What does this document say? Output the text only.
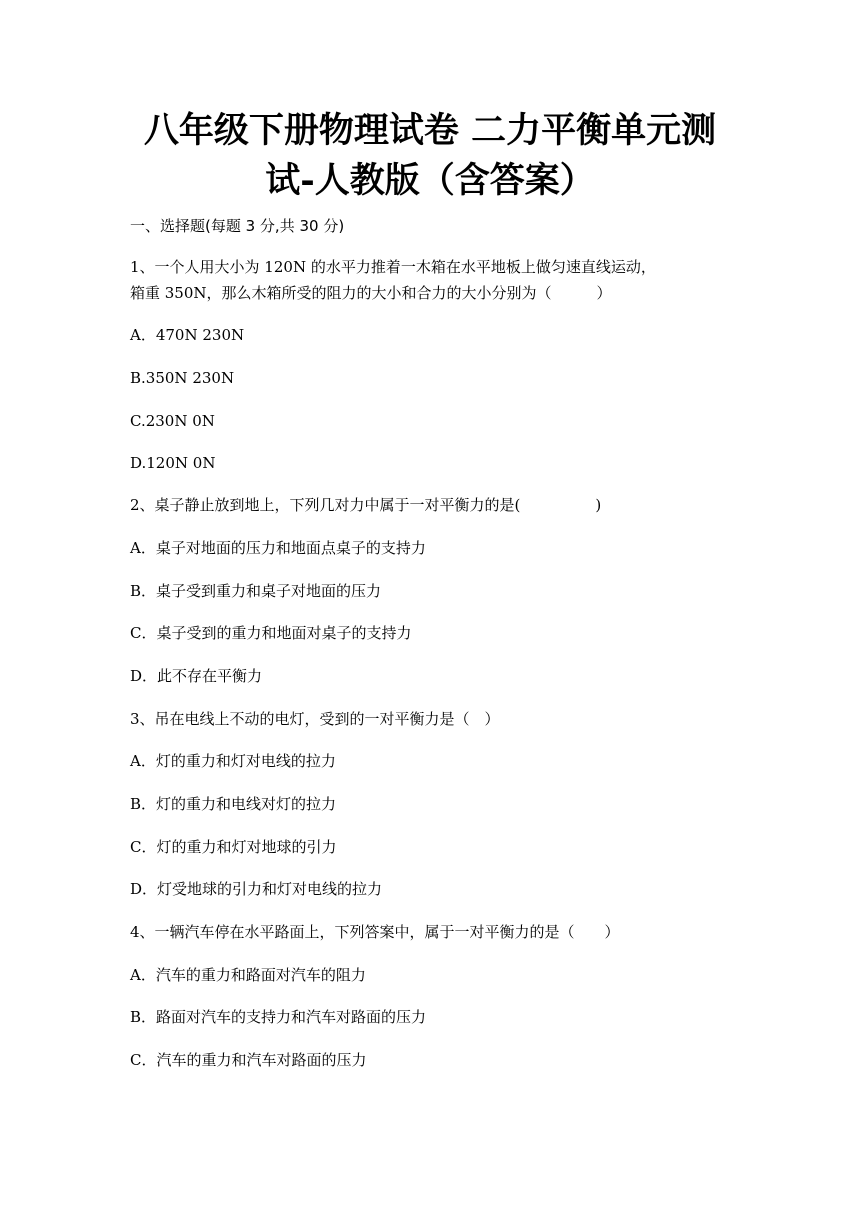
八年级下册物理试卷 二力平衡单元测
试-人教版（含答案）
一、选择题(每题 3 分,共 30 分)
1、一个人用大小为 120N 的水平力推着一木箱在水平地板上做匀速直线运动，
箱重 350N，那么木箱所受的阻力的大小和合力的大小分别为（　　　）
A．470N 230N
B.350N 230N
C.230N 0N
D.120N 0N
2、桌子静止放到地上，下列几对力中属于一对平衡力的是(　　　　　)
A．桌子对地面的压力和地面点桌子的支持力
B．桌子受到重力和桌子对地面的压力
C．桌子受到的重力和地面对桌子的支持力
D．此不存在平衡力
3、吊在电线上不动的电灯，受到的一对平衡力是（　）
A．灯的重力和灯对电线的拉力
B．灯的重力和电线对灯的拉力
C．灯的重力和灯对地球的引力
D．灯受地球的引力和灯对电线的拉力
4、一辆汽车停在水平路面上，下列答案中，属于一对平衡力的是（　　）
A．汽车的重力和路面对汽车的阻力
B．路面对汽车的支持力和汽车对路面的压力
C．汽车的重力和汽车对路面的压力
